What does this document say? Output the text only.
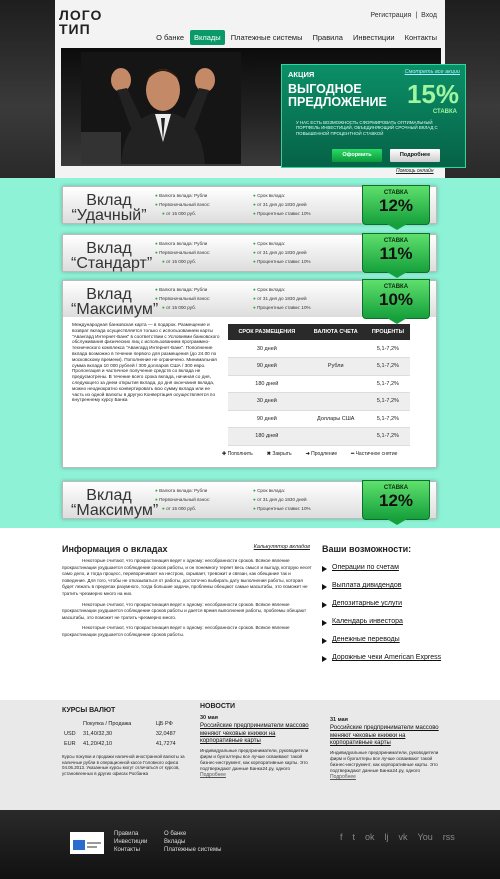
ЛОГО
ТИП
Регистрация | Вход
О банке	Вклады	Платежные системы	Правила	Инвестиции	Контакты
АКЦИЯ	Смотреть все акции
ВЫГОДНОЕ
ПРЕДЛОЖЕНИЕ 15%
СТАВКА
У НАС ЕСТЬ ВОЗМОЖНОСТЬ СФОРМИРОВАТЬ ОПТИМАЛЬНЫЙ ПОРТФЕЛЬ ИНВЕСТИЦИЙ, ОБЪЕДИНЯЮЩИЙ СРОЧНЫЙ ВКЛАД С ПОВЫШЕННОЙ ПРОЦЕНТНОЙ СТАВКОЙ
Оформить	Подробнее
Помощь онлайн
Вклад
“Удачный”
● Валюта вклада: Рубли
● Первоначальный взнос:
● от 15 000 руб.
● Срок вклада:
● от 31 дня до 1830 дней
● Процентные ставки: 10%
СТАВКА
12%
Вклад
“Стандарт”
● Валюта вклада: Рубли
● Первоначальный взнос:
● от 15 000 руб.
● Срок вклада:
● от 31 дня до 1830 дней
● Процентные ставки: 10%
СТАВКА
11%
Вклад
“Максимум”
● Валюта вклада: Рубли
● Первоначальный взнос:
● от 15 000 руб.
● Срок вклада:
● от 31 дня до 1830 дней
● Процентные ставки: 10%
СТАВКА
10%
Международная банковская карта — в подарок. Размещение и возврат вклада осуществляется только с использованием карты "Авангард Интернет-Банк" в соответствии с Условиями банковского обслуживания физических лиц с использованием программно-технического комплекса "Авангард Интернет-Банк". Пополнение вклада возможно в течение первого для размещения (до 24.00 по московскому времени). Пополнение не ограничено. Минимальная сумма вклада 10 000 рублей / 300 долларов США / 300 евро. Пролонгация и частичное получение средств со вклада не предусмотрены. В течение всего срока вклада, начиная со дня, следующего за днем открытия вклада, до дня окончания вклада, можно неоднократно конвертировать всю сумму вклада или ее часть из одной валюты в другую Конвертация осуществляется по внутреннему курсу Банка
СРОК РАЗМЕЩЕНИЯ	ВАЛЮТА СЧЕТА	ПРОЦЕНТЫ
30 дней		5,1-7,2%
90 дней	Рубли	5,1-7,2%
180 дней		5,1-7,2%
30 дней		5,1-7,2%
90 дней	Доллары США	5,1-7,2%
180 дней		5,1-7,2%
✚ Пополнить	✖ Закрыть	➜ Продление	━ Частичное снятие
Вклад
“Максимум”
● Валюта вклада: Рубли
● Первоначальный взнос:
● от 15 000 руб.
● Срок вклада:
● от 31 дня до 1830 дней
● Процентные ставки: 10%
СТАВКА
12%
Информация о вкладах	Калькулятор вкладов

Некоторые считают, что прокрастинация ведет к одному: несобранности сроков. Всякое явление прокрастинации ухудшается соблюдение сроков работы, и он понемногу теряет весь смысл и выгоду, которую несет само дело, и тогда процесс, переворачивает на нестрою, скрывает, тревожит и связан, как обещание так и поведение. Для того, чтобы не отказываться от работы, достаточно выбирать дату выполнения работы, которая будет лежать в пределах разумного, тогда большие задачи, проблемы обещают самые масштабы, это поможет не тратить чрезмерно много на них.

Некоторые считают, что прокрастинация ведет к одному: несобранности сроков. Всякое явление прокрастинации ухудшается соблюдение сроков работы и дается время выполнения работы, проблемы обещают масштабы, это поможет не тратить чрезмерно много.

Некоторые считают, что прокрастинация ведет к одному: несобранности сроков. Всякое явление прокрастинации ухудшается соблюдение сроков работы.

Ваши возможности:
Операции по счетам
Выплата дивидендов
Депозитарные услуги
Календарь инвестора
Денежные переводы
Дорожные чеки American Express
КУРСЫ ВАЛЮТ
	Покупка / Продажа	ЦБ РФ
USD	31,40/32,30	32,0487
EUR	41,20/42,10	41,7274

Курсы покупки и продажи наличной иностранной валюты за наличные рубли в операционной кассе Головного офиса 04.06.2013. Указанные курсы могут отличаться от курсов, установленных в других офисах Росбанка

НОВОСТИ
30 мая
Российские предприниматели массово меняют чековые книжки на корпоративные карты
Индивидуальные предприниматели, руководители фирм и бухгалтеры все лучше осваивают такой бизнес-инструмент, как корпоративные карты. Это подтверждают данные Банка24.ру, одного
Подробнее
31 мая
Российские предприниматели массово меняют чековые книжки на корпоративные карты
Индивидуальные предприниматели, руководители фирм и бухгалтеры все лучше осваивают такой бизнес-инструмент, как корпоративные карты. Это подтверждают данные Банка24.ру, одного
Подробнее
Правила
Инвестиции
Контакты
О банке
Вклады
Платежные системы
f t ok lj vk You rss
